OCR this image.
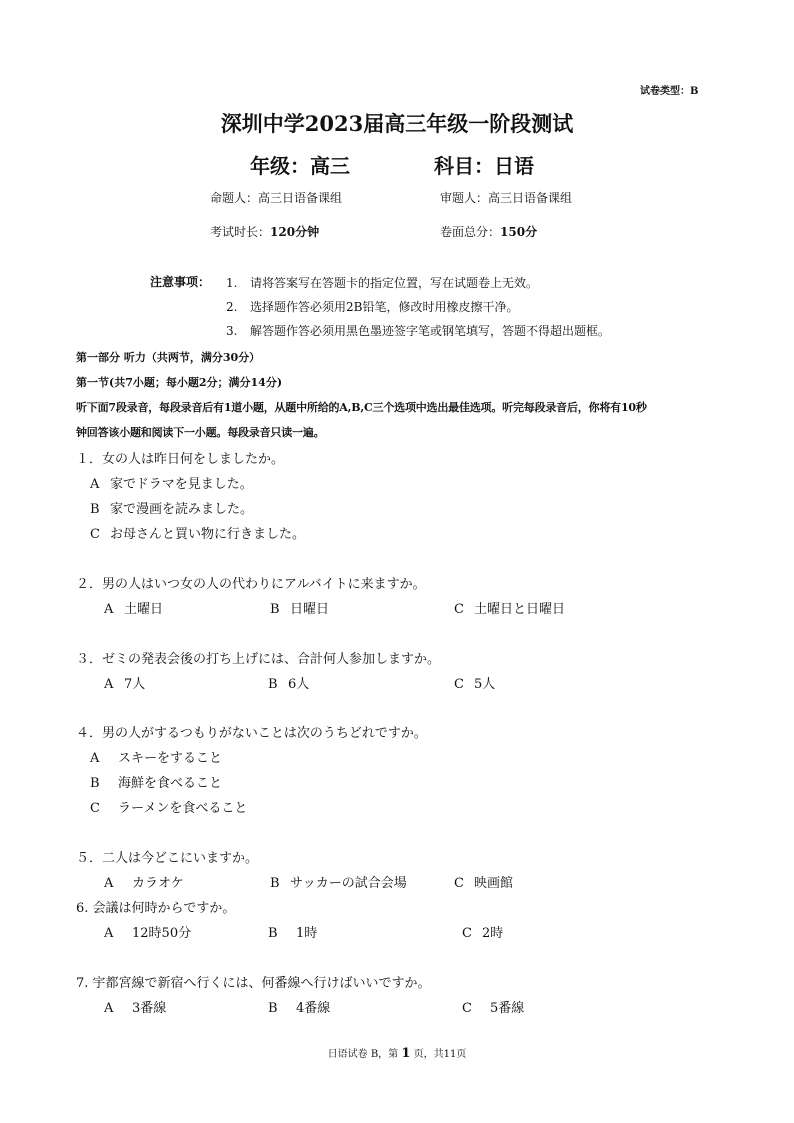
试卷类型：B
深圳中学2023届高三年级一阶段测试
年级：高三	科目：日语
命题人：高三日语备课组	审题人：高三日语备课组
考试时长：120分钟	卷面总分：150分
注意事项： 1. 请将答案写在答题卡的指定位置，写在试题卷上无效。
2. 选择题作答必须用2B铅笔，修改时用橡皮擦干净。
3. 解答题作答必须用黑色墨迹签字笔或钢笔填写，答题不得超出题框。
第一部分 听力（共两节，满分30分）
第一节(共7小题；每小题2分；满分14分)
听下面7段录音，每段录音后有1道小题，从题中所给的A,B,C三个选项中选出最佳选项。听完每段录音后，你将有10秒
钟回答该小题和阅读下一小题。每段录音只读一遍。
１．女の人は昨日何をしましたか。
A 家でドラマを見ました。
B 家で漫画を読みました。
C お母さんと買い物に行きました。
２．男の人はいつ女の人の代わりにアルバイトに来ますか。
A 土曜日	B 日曜日	C 土曜日と日曜日
３．ゼミの発表会後の打ち上げには、合計何人参加しますか。
A 7人	B 6人	C 5人
４．男の人がするつもりがないことは次のうちどれですか。
A スキーをすること
B 海鮮を食べること
C ラーメンを食べること
５．二人は今どこにいますか。
A カラオケ	B サッカーの試合会場	C 映画館
6. 会議は何時からですか。
A 12時50分	B 1時	C 2時
7. 宇都宮線で新宿へ行くには、何番線へ行けばいいですか。
A 3番線	B 4番線	C 5番線
日语试卷 B，第 1 页，共11页
